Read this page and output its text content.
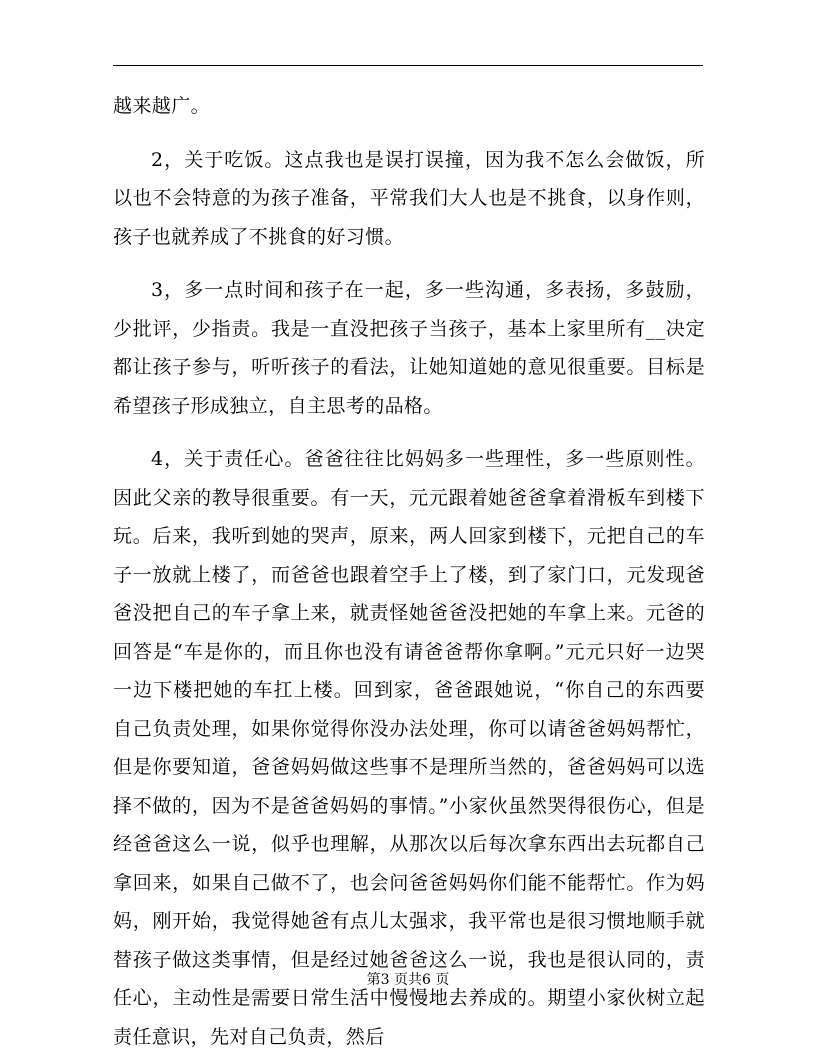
越来越广。

2，关于吃饭。这点我也是误打误撞，因为我不怎么会做饭，所以也不会特意的为孩子准备，平常我们大人也是不挑食，以身作则，孩子也就养成了不挑食的好习惯。

3，多一点时间和孩子在一起，多一些沟通，多表扬，多鼓励，少批评，少指责。我是一直没把孩子当孩子，基本上家里所有__决定都让孩子参与，听听孩子的看法，让她知道她的意见很重要。目标是希望孩子形成独立，自主思考的品格。

4，关于责任心。爸爸往往比妈妈多一些理性，多一些原则性。因此父亲的教导很重要。有一天，元元跟着她爸爸拿着滑板车到楼下玩。后来，我听到她的哭声，原来，两人回家到楼下，元把自己的车子一放就上楼了，而爸爸也跟着空手上了楼，到了家门口，元发现爸爸没把自己的车子拿上来，就责怪她爸爸没把她的车拿上来。元爸的回答是“车是你的，而且你也没有请爸爸帮你拿啊。”元元只好一边哭一边下楼把她的车扛上楼。回到家，爸爸跟她说，“你自己的东西要自己负责处理，如果你觉得你没办法处理，你可以请爸爸妈妈帮忙，但是你要知道，爸爸妈妈做这些事不是理所当然的，爸爸妈妈可以选择不做的，因为不是爸爸妈妈的事情。”小家伙虽然哭得很伤心，但是经爸爸这么一说，似乎也理解，从那次以后每次拿东西出去玩都自己拿回来，如果自己做不了，也会问爸爸妈妈你们能不能帮忙。作为妈妈，刚开始，我觉得她爸有点儿太强求，我平常也是很习惯地顺手就替孩子做这类事情，但是经过她爸爸这么一说，我也是很认同的，责任心，主动性是需要日常生活中慢慢地去养成的。期望小家伙树立起责任意识，先对自己负责，然后

第3 页共6 页
